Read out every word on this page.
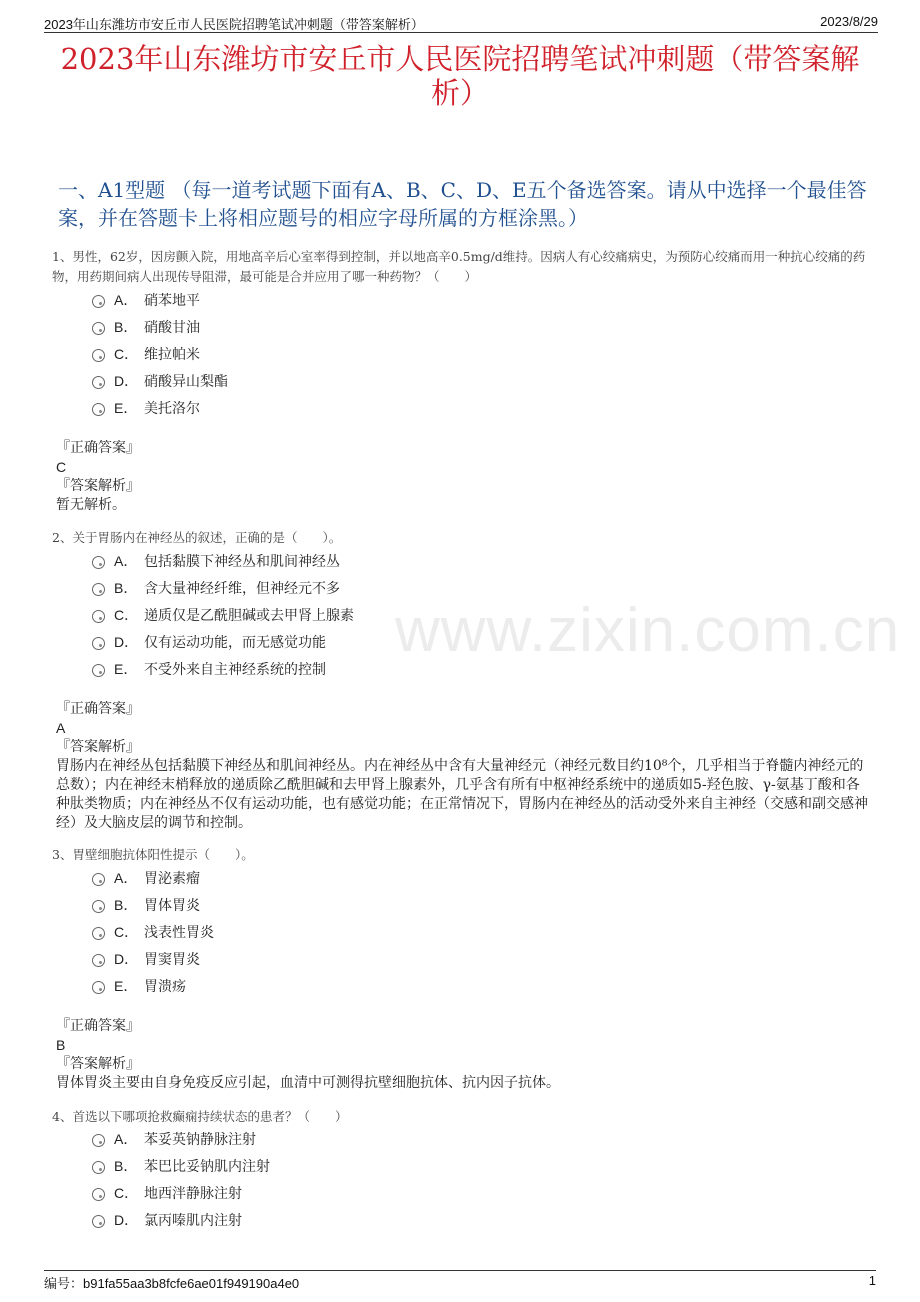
2023年山东潍坊市安丘市人民医院招聘笔试冲刺题（带答案解析）	2023/8/29
2023年山东潍坊市安丘市人民医院招聘笔试冲刺题（带答案解析）
一、A1型题 （每一道考试题下面有A、B、C、D、E五个备选答案。请从中选择一个最佳答案，并在答题卡上将相应题号的相应字母所属的方框涂黑。）
www.zixin.com.cn
1、男性，62岁，因房颤入院，用地高辛后心室率得到控制，并以地高辛0.5mg/d维持。因病人有心绞痛病史，为预防心绞痛而用一种抗心绞痛的药物，用药期间病人出现传导阻滞，最可能是合并应用了哪一种药物？（　　）
A． 硝苯地平
B． 硝酸甘油
C． 维拉帕米
D． 硝酸异山梨酯
E． 美托洛尔
『正确答案』
C
『答案解析』
暂无解析。
2、关于胃肠内在神经丛的叙述，正确的是（　　）。
A． 包括黏膜下神经丛和肌间神经丛
B． 含大量神经纤维，但神经元不多
C． 递质仅是乙酰胆碱或去甲肾上腺素
D． 仅有运动功能，而无感觉功能
E． 不受外来自主神经系统的控制
『正确答案』
A
『答案解析』
胃肠内在神经丛包括黏膜下神经丛和肌间神经丛。内在神经丛中含有大量神经元（神经元数目约10⁸个，几乎相当于脊髓内神经元的总数）；内在神经末梢释放的递质除乙酰胆碱和去甲肾上腺素外，几乎含有所有中枢神经系统中的递质如5-羟色胺、γ-氨基丁酸和各种肽类物质；内在神经丛不仅有运动功能，也有感觉功能；在正常情况下，胃肠内在神经丛的活动受外来自主神经（交感和副交感神经）及大脑皮层的调节和控制。
3、胃壁细胞抗体阳性提示（　　）。
A． 胃泌素瘤
B． 胃体胃炎
C． 浅表性胃炎
D． 胃窦胃炎
E． 胃溃疡
『正确答案』
B
『答案解析』
胃体胃炎主要由自身免疫反应引起，血清中可测得抗壁细胞抗体、抗内因子抗体。
4、首选以下哪项抢救癫痫持续状态的患者？（　　）
A． 苯妥英钠静脉注射
B． 苯巴比妥钠肌内注射
C． 地西泮静脉注射
D． 氯丙嗪肌内注射
编号：b91fa55aa3b8fcfe6ae01f949190a4e0	1
